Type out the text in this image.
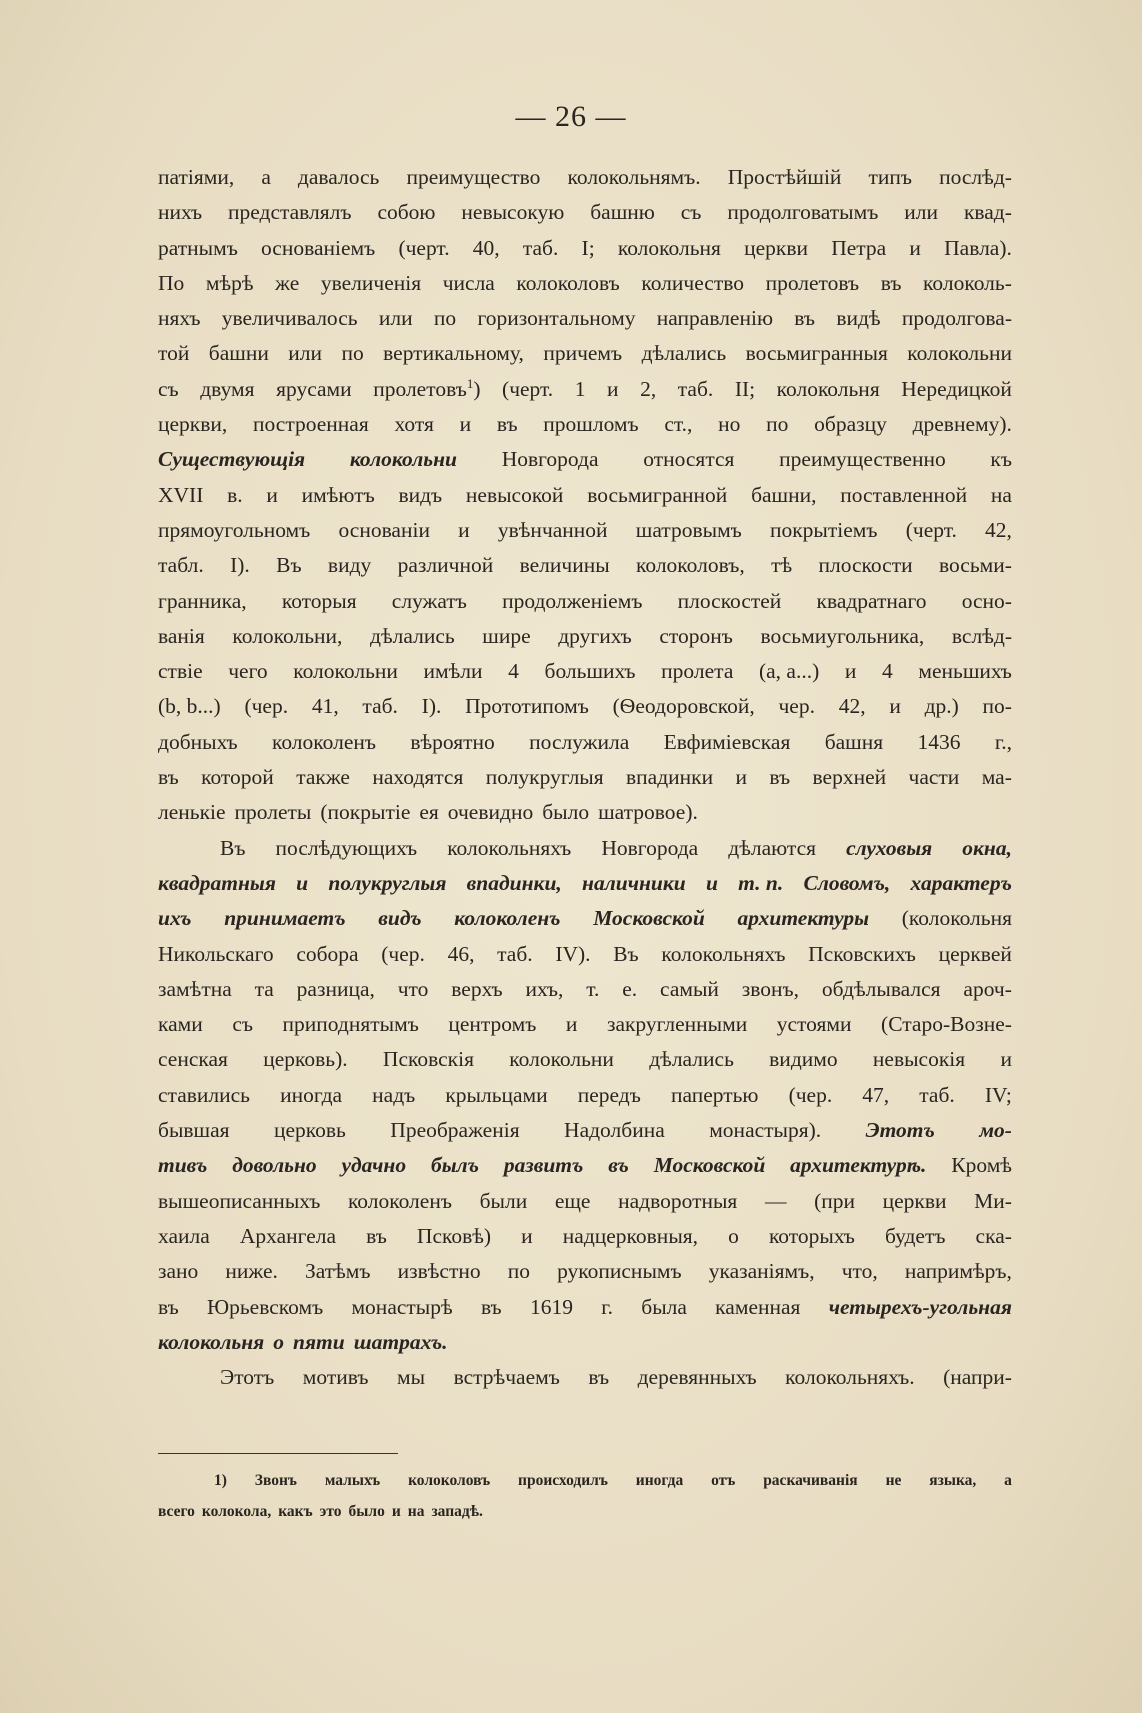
— 26 —
патіями, а давалось преимущество колокольнямъ. Простѣйшій типъ послѣд-
нихъ представлялъ собою невысокую башню съ продолговатымъ или квад-
ратнымъ основаніемъ (черт. 40, таб. I; колокольня церкви Петра и Павла).
По мѣрѣ же увеличенія числа колоколовъ количество пролетовъ въ колоколь-
няхъ увеличивалось или по горизонтальному направленію въ видѣ продолгова-
той башни или по вертикальному, причемъ дѣлались восьмигранныя колокольни
съ двумя ярусами пролетовъ$^1$) (черт. 1 и 2, таб. II; колокольня Нередицкой
церкви, построенная хотя и въ прошломъ ст., но по образцу древнему).
Существующія колокольни Новгорода относятся преимущественно къ
XVII в. и имѣютъ видъ невысокой восьмигранной башни, поставленной на
прямоугольномъ основаніи и увѣнчанной шатровымъ покрытіемъ (черт. 42,
табл. I). Въ виду различной величины колоколовъ, тѣ плоскости восьми-
гранника, которыя служатъ продолженіемъ плоскостей квадратнаго осно-
ванія колокольни, дѣлались шире другихъ сторонъ восьмиугольника, вслѣд-
ствіе чего колокольни имѣли 4 большихъ пролета (а, а...) и 4 меньшихъ
(b, b...) (чер. 41, таб. I). Прототипомъ (Ѳеодоровской, чер. 42, и др.) по-
добныхъ колоколенъ вѣроятно послужила Евфиміевская башня 1436 г.,
въ которой также находятся полукруглыя впадинки и въ верхней части ма-
ленькіе пролеты (покрытіе ея очевидно было шатровое).
Въ послѣдующихъ колокольняхъ Новгорода дѣлаются слуховыя окна,
квадратныя и полукруглыя впадинки, наличники и т. п. Словомъ, характеръ
ихъ принимаетъ видъ колоколенъ Московской архитектуры (колокольня
Никольскаго собора (чер. 46, таб. IV). Въ колокольняхъ Псковскихъ церквей
замѣтна та разница, что верхъ ихъ, т. е. самый звонъ, обдѣлывался ароч-
ками съ приподнятымъ центромъ и закругленными устоями (Старо-Возне-
сенская церковь). Псковскія колокольни дѣлались видимо невысокія и
ставились иногда надъ крыльцами передъ папертью (чер. 47, таб. IV;
бывшая церковь Преображенія Надолбина монастыря). Этотъ мо-
тивъ довольно удачно былъ развитъ въ Московской архитектурѣ. Кромѣ
вышеописанныхъ колоколенъ были еще надворотныя — (при церкви Ми-
хаила Архангела въ Псковѣ) и надцерковныя, о которыхъ будетъ ска-
зано ниже. Затѣмъ извѣстно по рукописнымъ указаніямъ, что, напримѣръ,
въ Юрьевскомъ монастырѣ въ 1619 г. была каменная четырехъ-угольная
колокольня о пяти шатрахъ.
Этотъ мотивъ мы встрѣчаемъ въ деревянныхъ колокольняхъ. (напри-
1) Звонъ малыхъ колоколовъ происходилъ иногда отъ раскачиванія не языка, а
всего колокола, какъ это было и на западѣ.
